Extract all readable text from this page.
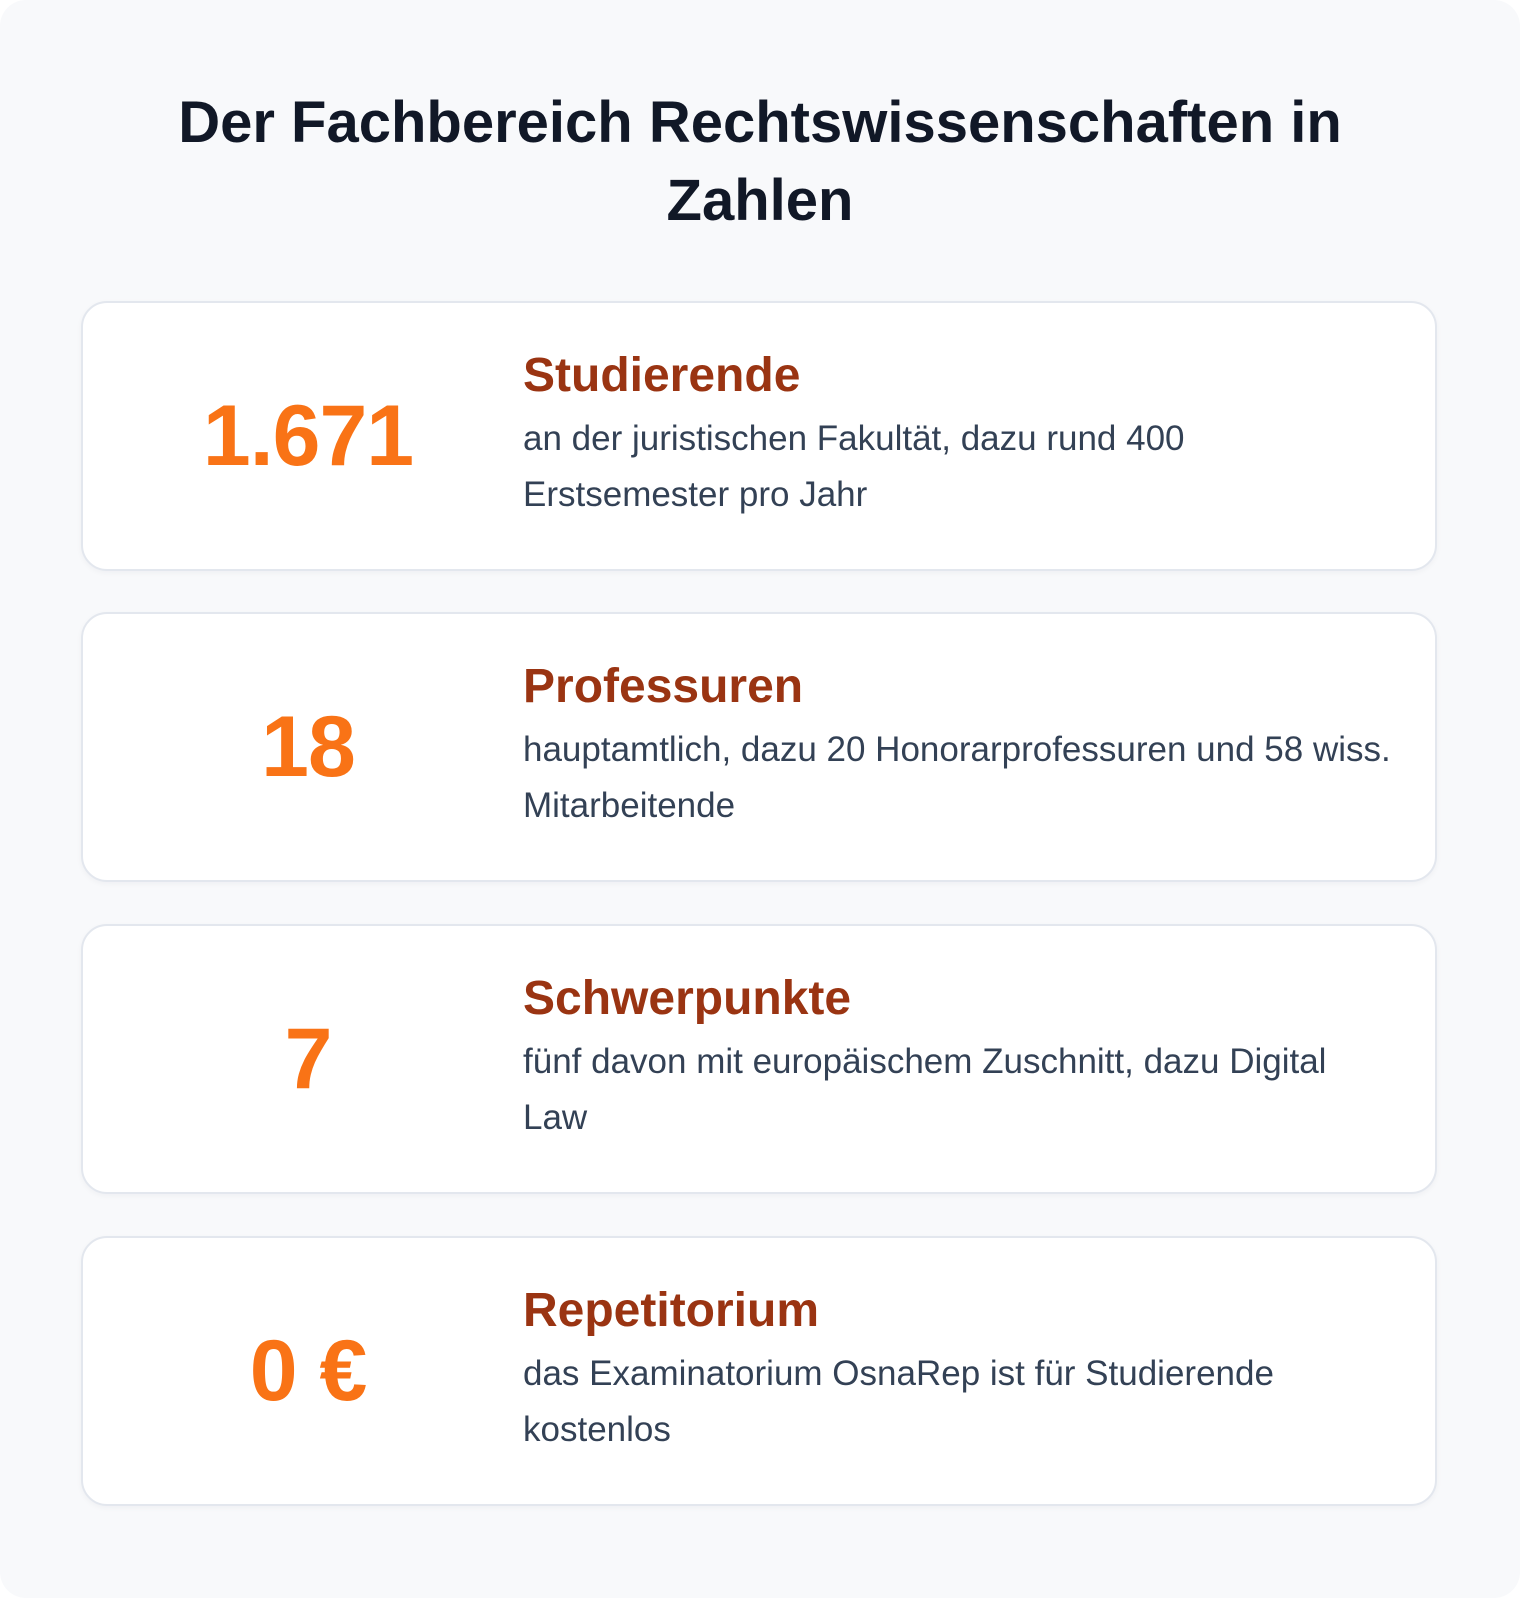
Der Fachbereich Rechtswissenschaften in Zahlen
1.671
Studierende
an der juristischen Fakultät, dazu rund 400 Erstsemester pro Jahr
18
Professuren
hauptamtlich, dazu 20 Honorarprofessuren und 58 wiss. Mitarbeitende
7
Schwerpunkte
fünf davon mit europäischem Zuschnitt, dazu Digital Law
0 €
Repetitorium
das Examinatorium OsnaRep ist für Studierende kostenlos
